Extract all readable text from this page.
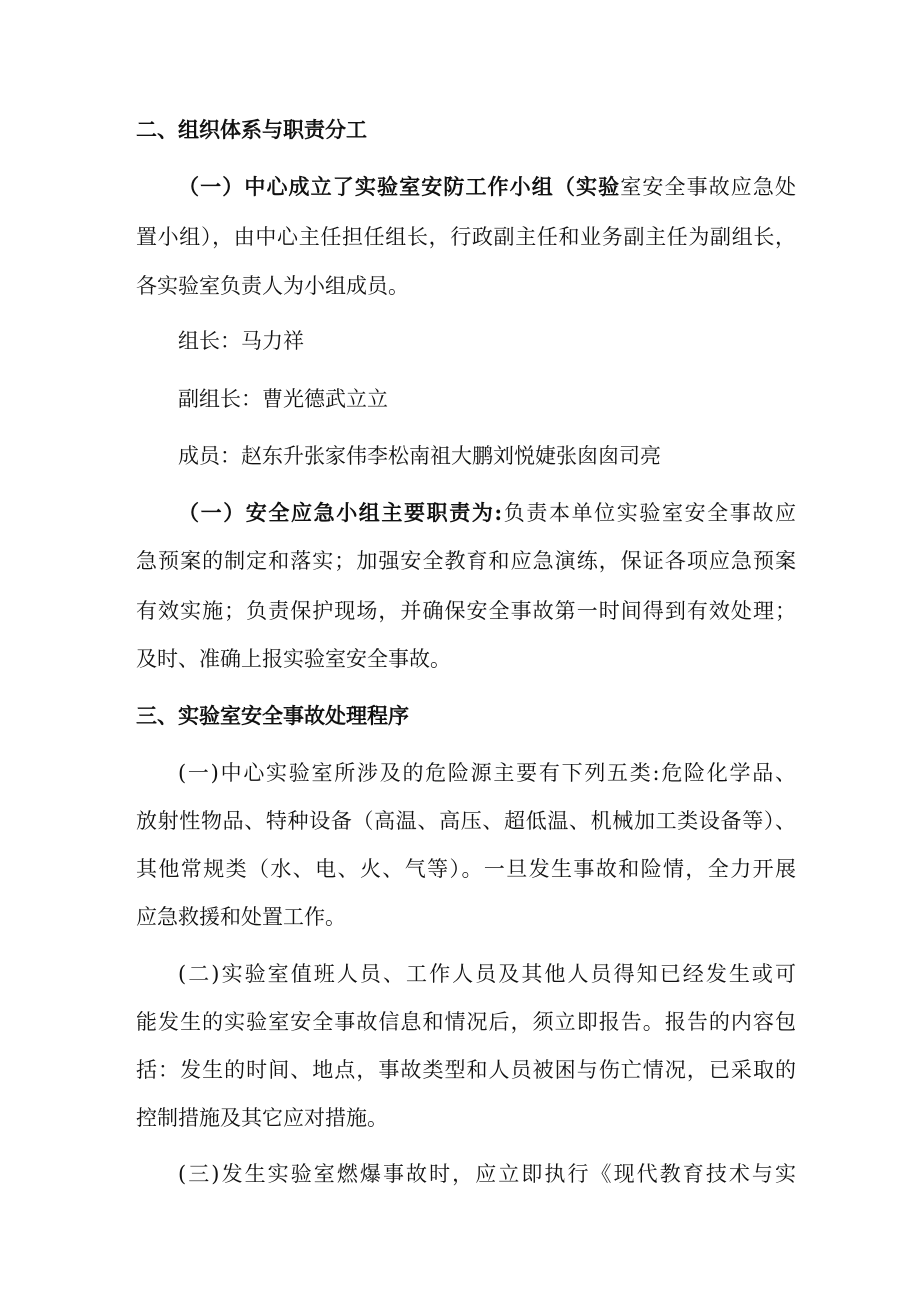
二、组织体系与职责分工
（一）中心成立了实验室安防工作小组（实验室安全事故应急处
置小组），由中心主任担任组长，行政副主任和业务副主任为副组长，
各实验室负责人为小组成员。
组长：马力祥
副组长：曹光德武立立
成员：赵东升张家伟李松南祖大鹏刘悦婕张囱囱司亮
（一）安全应急小组主要职责为:负责本单位实验室安全事故应
急预案的制定和落实；加强安全教育和应急演练，保证各项应急预案
有效实施；负责保护现场，并确保安全事故第一时间得到有效处理；
及时、准确上报实验室安全事故。
三、实验室安全事故处理程序
(一)中心实验室所涉及的危险源主要有下列五类:危险化学品、
放射性物品、特种设备（高温、高压、超低温、机械加工类设备等）、
其他常规类（水、电、火、气等）。一旦发生事故和险情，全力开展
应急救援和处置工作。
(二)实验室值班人员、工作人员及其他人员得知已经发生或可
能发生的实验室安全事故信息和情况后，须立即报告。报告的内容包
括：发生的时间、地点，事故类型和人员被困与伤亡情况，已采取的
控制措施及其它应对措施。
(三)发生实验室燃爆事故时，应立即执行《现代教育技术与实
